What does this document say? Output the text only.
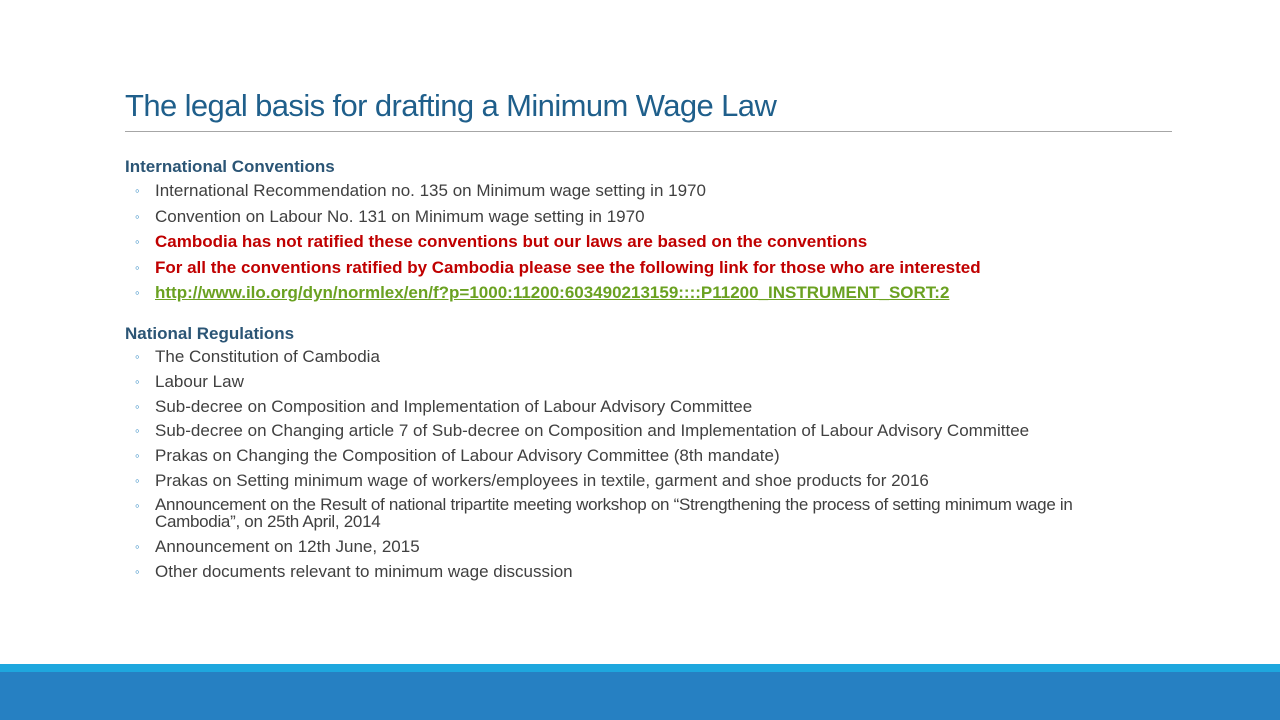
The legal basis for drafting a Minimum Wage Law
International Conventions
◦ International Recommendation no. 135 on Minimum wage setting in 1970
◦ Convention on Labour No. 131 on Minimum wage setting in 1970
◦ Cambodia has not ratified these conventions but our laws are based on the conventions
◦ For all the conventions ratified by Cambodia please see the following link for those who are interested
◦ http://www.ilo.org/dyn/normlex/en/f?p=1000:11200:603490213159::::P11200_INSTRUMENT_SORT:2
National Regulations
◦ The Constitution of Cambodia
◦ Labour Law
◦ Sub-decree on Composition and Implementation of Labour Advisory Committee
◦ Sub-decree on Changing article 7 of Sub-decree on Composition and Implementation of Labour Advisory Committee
◦ Prakas on Changing the Composition of Labour Advisory Committee (8th mandate)
◦ Prakas on Setting minimum wage of workers/employees in textile, garment and shoe products for 2016
◦ Announcement on the Result of national tripartite meeting workshop on “Strengthening the process of setting minimum wage in Cambodia”, on 25th April, 2014
◦ Announcement on 12th June, 2015
◦ Other documents relevant to minimum wage discussion
